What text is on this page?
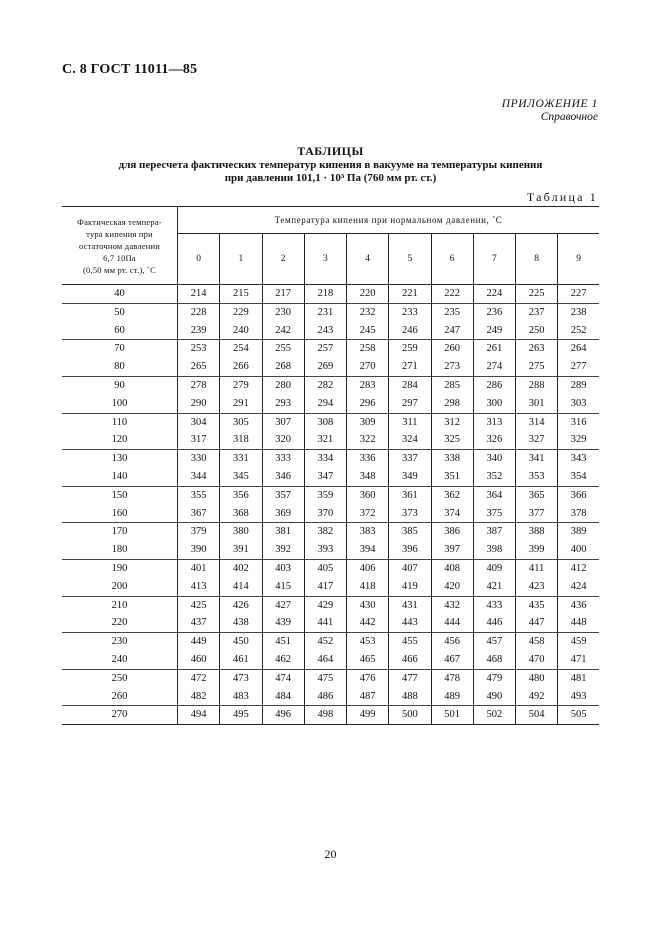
С. 8 ГОСТ 11011—85
ПРИЛОЖЕНИЕ 1
Справочное
ТАБЛИЦЫ
для пересчета фактических температур кипения в вакууме на температуры кипения
при давлении 101,1 · 10³ Па (760 мм рт. ст.)
Таблица 1
Фактическая темпера-
тура кипения при
остаточном давлении
6,7 10Па
(0,50 мм рт. ст.), ˚С	Температура кипения при нормальном давлении, ˚С									
	0	1	2	3	4	5	6	7	8	9
40	214	215	217	218	220	221	222	224	225	227
50	228	229	230	231	232	233	235	236	237	238
60	239	240	242	243	245	246	247	249	250	252
70	253	254	255	257	258	259	260	261	263	264
80	265	266	268	269	270	271	273	274	275	277
90	278	279	280	282	283	284	285	286	288	289
100	290	291	293	294	296	297	298	300	301	303
110	304	305	307	308	309	311	312	313	314	316
120	317	318	320	321	322	324	325	326	327	329
130	330	331	333	334	336	337	338	340	341	343
140	344	345	346	347	348	349	351	352	353	354
150	355	356	357	359	360	361	362	364	365	366
160	367	368	369	370	372	373	374	375	377	378
170	379	380	381	382	383	385	386	387	388	389
180	390	391	392	393	394	396	397	398	399	400
190	401	402	403	405	406	407	408	409	411	412
200	413	414	415	417	418	419	420	421	423	424
210	425	426	427	429	430	431	432	433	435	436
220	437	438	439	441	442	443	444	446	447	448
230	449	450	451	452	453	455	456	457	458	459
240	460	461	462	464	465	466	467	468	470	471
250	472	473	474	475	476	477	478	479	480	481
260	482	483	484	486	487	488	489	490	492	493
270	494	495	496	498	499	500	501	502	504	505
20
